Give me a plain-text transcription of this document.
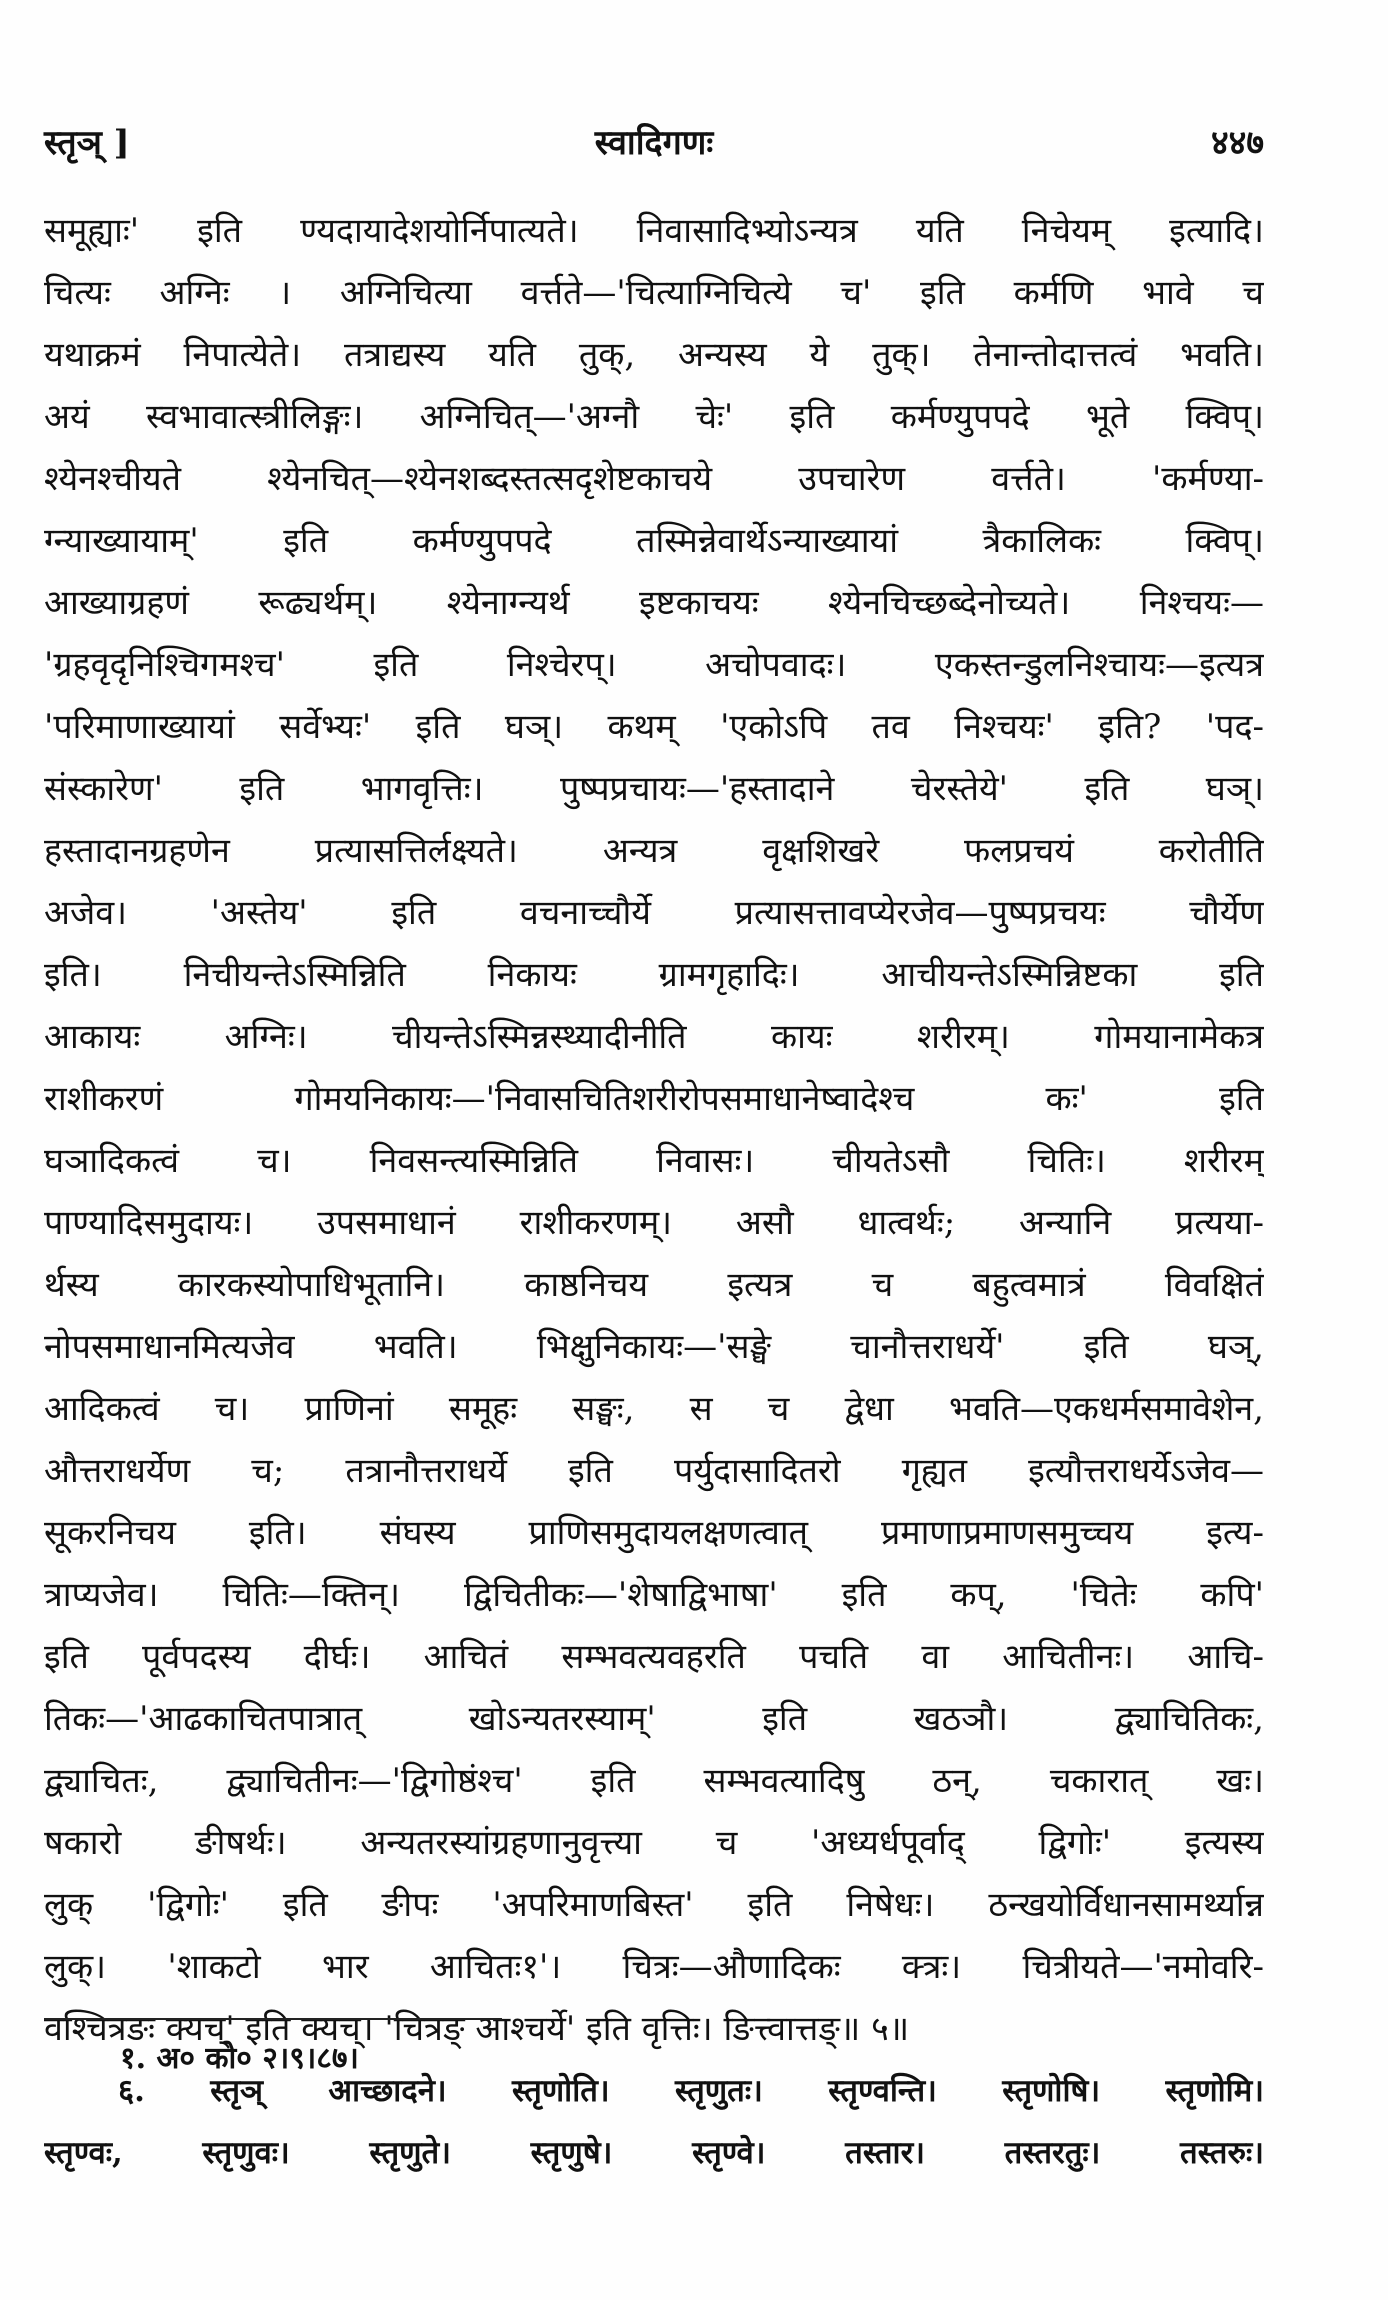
स्तृञ् ]	स्वादिगणः	४४७
समूह्याः' इति ण्यदायादेशयोर्निपात्यते। निवासादिभ्योऽन्यत्र यति निचेयम् इत्यादि।
चित्यः अग्निः । अग्निचित्या वर्त्तते—'चित्याग्निचित्ये च' इति कर्मणि भावे च
यथाक्रमं निपात्येते। तत्राद्यस्य यति तुक्, अन्यस्य ये तुक्। तेनान्तोदात्तत्वं भवति।
अयं स्वभावात्स्त्रीलिङ्गः। अग्निचित्—'अग्नौ चेः' इति कर्मण्युपपदे भूते क्विप्।
श्येनश्चीयते श्येनचित्—श्येनशब्दस्तत्सदृशेष्टकाचये उपचारेण वर्त्तते। 'कर्मण्या-
ग्न्याख्यायाम्' इति कर्मण्युपपदे तस्मिन्नेवार्थेऽन्याख्यायां त्रैकालिकः क्विप्।
आख्याग्रहणं रूढ्यर्थम्। श्येनाग्न्यर्थ इष्टकाचयः श्येनचिच्छब्देनोच्यते। निश्चयः—
'ग्रहवृदृनिश्चिगमश्च' इति निश्चेरप्। अचोपवादः। एकस्तन्डुलनिश्चायः—इत्यत्र
'परिमाणाख्यायां सर्वेभ्यः' इति घञ्। कथम् 'एकोऽपि तव निश्चयः' इति? 'पद-
संस्कारेण' इति भागवृत्तिः। पुष्पप्रचायः—'हस्तादाने चेरस्तेये' इति घञ्।
हस्तादानग्रहणेन प्रत्यासत्तिर्लक्ष्यते। अन्यत्र वृक्षशिखरे फलप्रचयं करोतीति
अजेव। 'अस्तेय' इति वचनाच्चौर्ये प्रत्यासत्तावप्येरजेव—पुष्पप्रचयः चौर्येण
इति। निचीयन्तेऽस्मिन्निति निकायः ग्रामगृहादिः। आचीयन्तेऽस्मिन्निष्टका इति
आकायः अग्निः। चीयन्तेऽस्मिन्नस्थ्यादीनीति कायः शरीरम्। गोमयानामेकत्र
राशीकरणं गोमयनिकायः—'निवासचितिशरीरोपसमाधानेष्वादेश्च कः' इति
घञादिकत्वं च। निवसन्त्यस्मिन्निति निवासः। चीयतेऽसौ चितिः। शरीरम्
पाण्यादिसमुदायः। उपसमाधानं राशीकरणम्। असौ धात्वर्थः; अन्यानि प्रत्यया-
र्थस्य कारकस्योपाधिभूतानि। काष्ठनिचय इत्यत्र च बहुत्वमात्रं विवक्षितं
नोपसमाधानमित्यजेव भवति। भिक्षुनिकायः—'सङ्घे चानौत्तराधर्ये' इति घञ्,
आदिकत्वं च। प्राणिनां समूहः सङ्घः, स च द्वेधा भवति—एकधर्मसमावेशेन,
औत्तराधर्येण च; तत्रानौत्तराधर्ये इति पर्युदासादितरो गृह्यत इत्यौत्तराधर्येऽजेव—
सूकरनिचय इति। संघस्य प्राणिसमुदायलक्षणत्वात् प्रमाणाप्रमाणसमुच्चय इत्य-
त्राप्यजेव। चितिः—क्तिन्। द्विचितीकः—'शेषाद्विभाषा' इति कप्, 'चितेः कपि'
इति पूर्वपदस्य दीर्घः। आचितं सम्भवत्यवहरति पचति वा आचितीनः। आचि-
तिकः—'आढकाचितपात्रात् खोऽन्यतरस्याम्' इति खठञौ। द्व्याचितिकः,
द्व्याचितः, द्व्याचितीनः—'द्विगोष्ठंश्च' इति सम्भवत्यादिषु ठन्, चकारात् खः।
षकारो ङीषर्थः। अन्यतरस्यांग्रहणानुवृत्त्या च 'अध्यर्धपूर्वाद् द्विगोः' इत्यस्य
लुक् 'द्विगोः' इति ङीपः 'अपरिमाणबिस्त' इति निषेधः। ठन्खयोर्विधानसामर्थ्यान्न
लुक्। 'शाकटो भार आचितः१'। चित्रः—औणादिकः क्त्रः। चित्रीयते—'नमोवरि-
वश्चित्रङः क्यच्' इति क्यच्। 'चित्रङ् आश्चर्ये' इति वृत्तिः। ङित्त्वात्तङ्॥ ५॥
६. स्तृञ् आच्छादने। स्तृणोति। स्तृणुतः। स्तृण्वन्ति। स्तृणोषि। स्तृणोमि।
स्तृण्वः, स्तृणुवः। स्तृणुते। स्तृणुषे। स्तृण्वे। तस्तार। तस्तरतुः। तस्तरुः।
१. अ० को० २।९।८७।
